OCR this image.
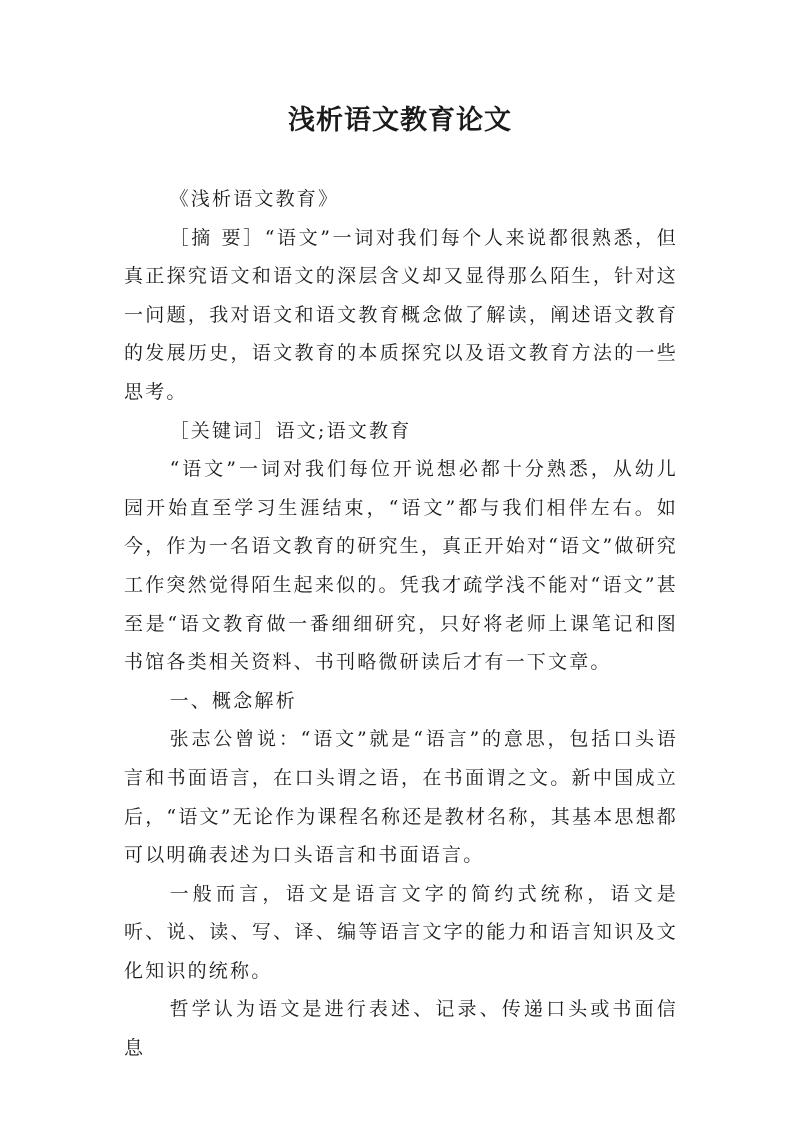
浅析语文教育论文

《浅析语文教育》

［摘 要］“语文”一词对我们每个人来说都很熟悉，但真正探究语文和语文的深层含义却又显得那么陌生，针对这一问题，我对语文和语文教育概念做了解读，阐述语文教育的发展历史，语文教育的本质探究以及语文教育方法的一些思考。

［关键词］语文;语文教育

“语文”一词对我们每位开说想必都十分熟悉，从幼儿园开始直至学习生涯结束，“语文”都与我们相伴左右。如今，作为一名语文教育的研究生，真正开始对“语文”做研究工作突然觉得陌生起来似的。凭我才疏学浅不能对“语文”甚至是“语文教育做一番细细研究，只好将老师上课笔记和图书馆各类相关资料、书刊略微研读后才有一下文章。

一、概念解析

张志公曾说：“语文”就是“语言”的意思，包括口头语言和书面语言，在口头谓之语，在书面谓之文。新中国成立后，“语文”无论作为课程名称还是教材名称，其基本思想都可以明确表述为口头语言和书面语言。

一般而言，语文是语言文字的简约式统称，语文是听、说、读、写、译、编等语言文字的能力和语言知识及文化知识的统称。

哲学认为语文是进行表述、记录、传递口头或书面信息
